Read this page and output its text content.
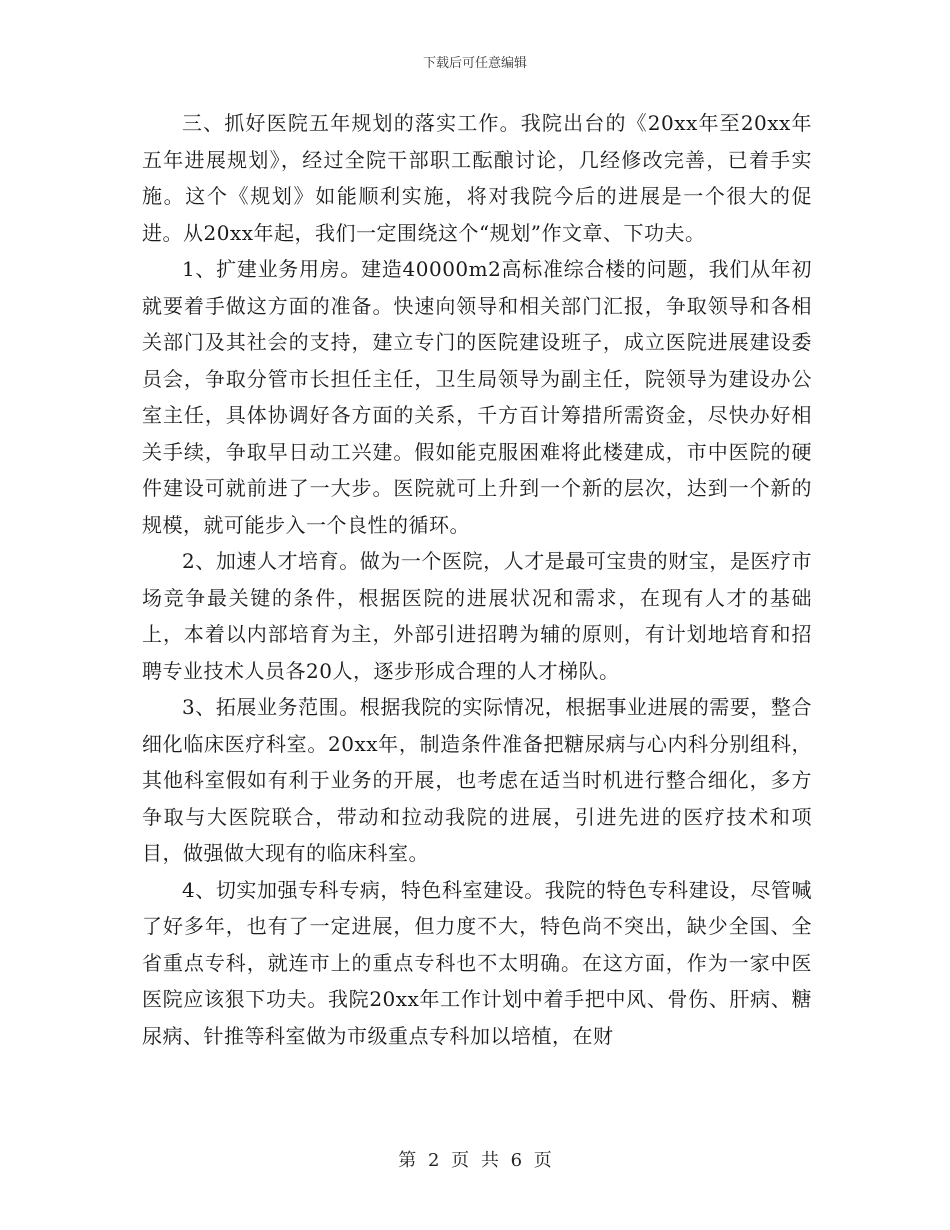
下载后可任意编辑

三、抓好医院五年规划的落实工作。我院出台的《20xx年至20xx年五年进展规划》，经过全院干部职工酝酿讨论，几经修改完善，已着手实施。这个《规划》如能顺利实施，将对我院今后的进展是一个很大的促进。从20xx年起，我们一定围绕这个“规划”作文章、下功夫。

1、扩建业务用房。建造40000m2高标准综合楼的问题，我们从年初就要着手做这方面的准备。快速向领导和相关部门汇报，争取领导和各相关部门及其社会的支持，建立专门的医院建设班子，成立医院进展建设委员会，争取分管市长担任主任，卫生局领导为副主任，院领导为建设办公室主任，具体协调好各方面的关系，千方百计筹措所需资金，尽快办好相关手续，争取早日动工兴建。假如能克服困难将此楼建成，市中医院的硬件建设可就前进了一大步。医院就可上升到一个新的层次，达到一个新的规模，就可能步入一个良性的循环。

2、加速人才培育。做为一个医院，人才是最可宝贵的财宝，是医疗市场竞争最关键的条件，根据医院的进展状况和需求，在现有人才的基础上，本着以内部培育为主，外部引进招聘为辅的原则，有计划地培育和招聘专业技术人员各20人，逐步形成合理的人才梯队。

3、拓展业务范围。根据我院的实际情况，根据事业进展的需要，整合细化临床医疗科室。20xx年，制造条件准备把糖尿病与心内科分别组科，其他科室假如有利于业务的开展，也考虑在适当时机进行整合细化，多方争取与大医院联合，带动和拉动我院的进展，引进先进的医疗技术和项目，做强做大现有的临床科室。

4、切实加强专科专病，特色科室建设。我院的特色专科建设，尽管喊了好多年，也有了一定进展，但力度不大，特色尚不突出，缺少全国、全省重点专科，就连市上的重点专科也不太明确。在这方面，作为一家中医医院应该狠下功夫。我院20xx年工作计划中着手把中风、骨伤、肝病、糖尿病、针推等科室做为市级重点专科加以培植，在财

第 2 页 共 6 页
